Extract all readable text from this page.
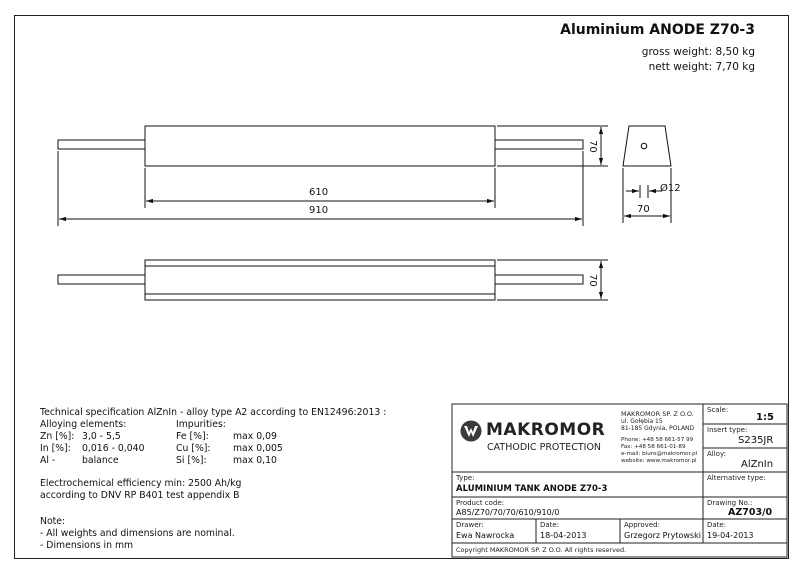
Aluminium ANODE Z70-3
gross weight: 8,50 kg
nett weight: 7,70 kg
610
910
70
70
70
Ø12
Technical specification AlZnIn - alloy type A2 according to EN12496:2013 :
Alloying elements:	Impurities:
Zn [%]: 3,0 - 5,5	Fe [%]:	max 0,09
In [%]: 0,016 - 0,040	Cu [%]: max 0,005
Al -	balance	Si [%]:	max 0,10
Electrochemical efficiency min: 2500 Ah/kg
according to DNV RP B401 test appendix B
Note:
- All weights and dimensions are nominal.
- Dimensions in mm
MAKROMOR
CATHODIC PROTECTION
MAKROMOR SP. Z O.O.
ul. Gołębia 15
81-185 Gdynia, POLAND
Phone: +48 58 661-57 99
Fax: +48 58 661-01-89
e-mail: biuro@makromor.pl
website: www.makromor.pl
Scale:
1:5
Insert type:
S235JR
Alloy:
AlZnIn
Type:
ALUMINIUM TANK ANODE Z70-3
Alternative type:
Product code:
A85/Z70/70/70/610/910/0
Drawing No.:
AZ703/0
Drawer:
Ewa Nawrocka
Date:
18-04-2013
Approved:
Grzegorz Prytowski
Date:
19-04-2013
Copyright MAKROMOR SP. Z O.O. All rights reserved.
